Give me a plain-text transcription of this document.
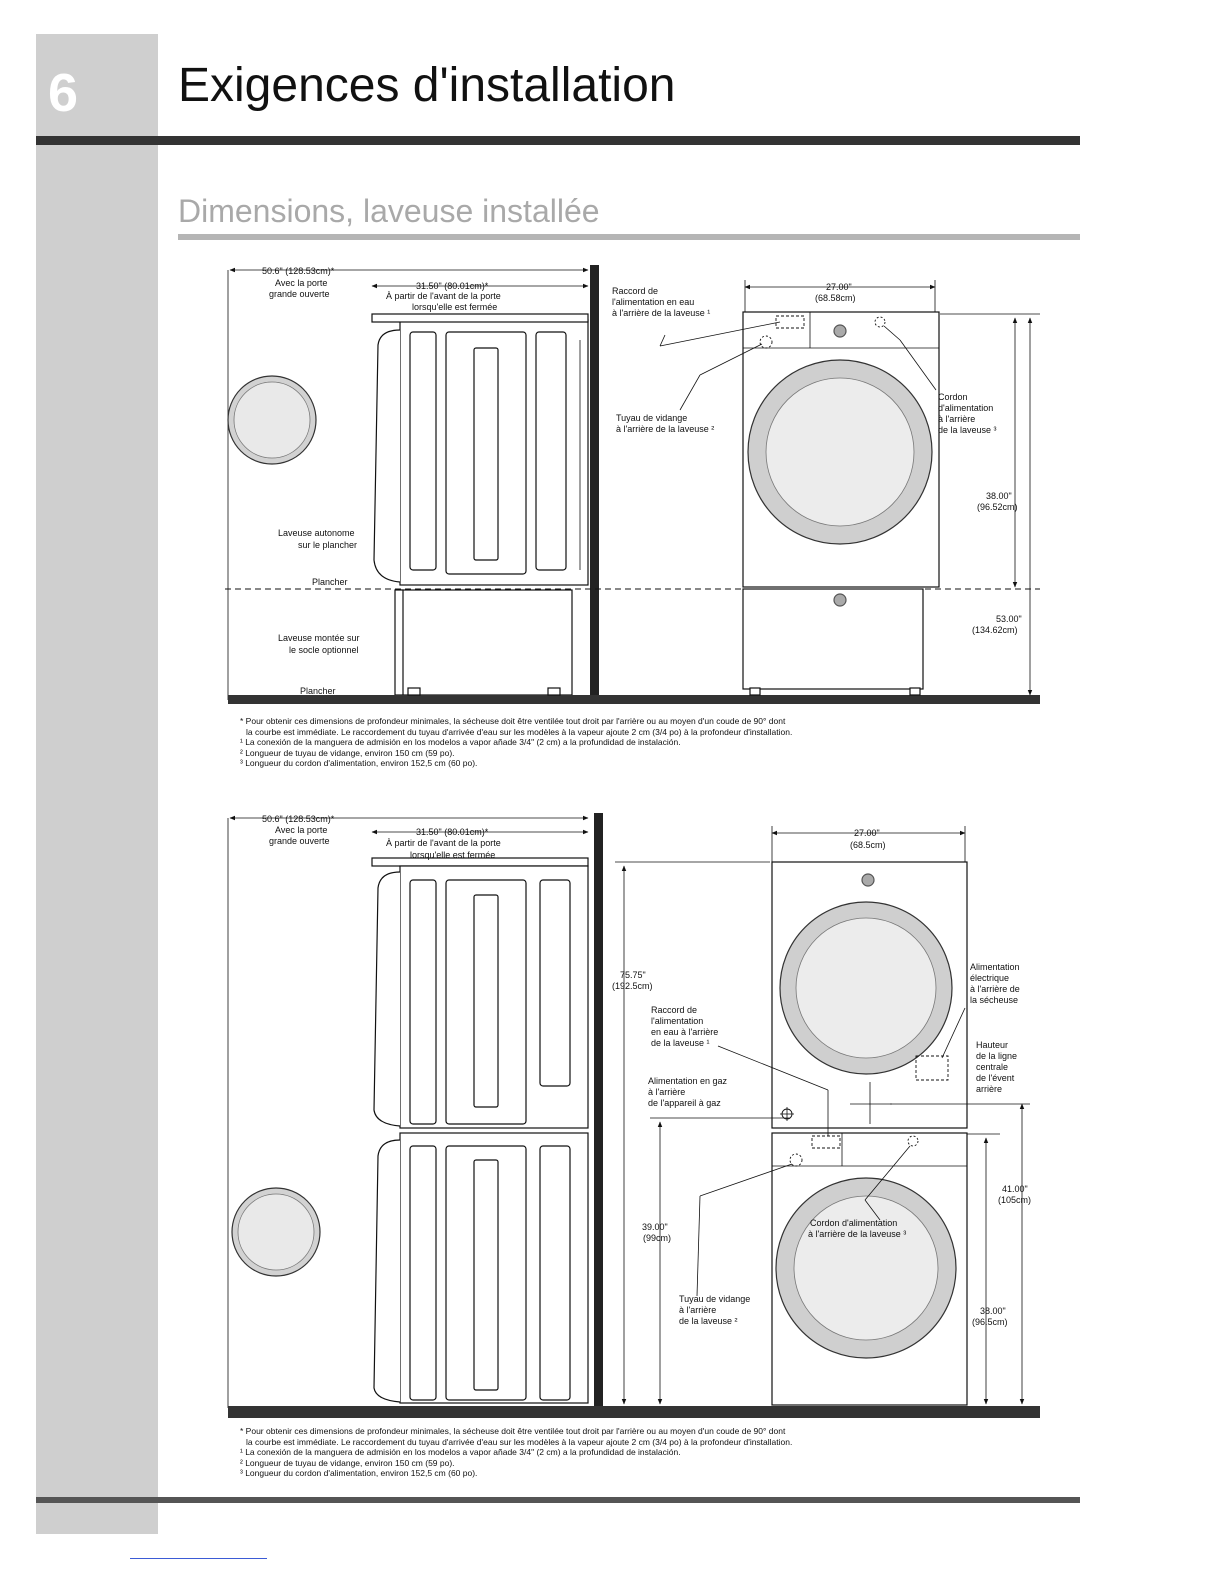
6 Exigences d'installation
Dimensions, laveuse installée
50.6" (128.53cm)*
Avec la porte
grande ouverte
31.50" (80.01cm)*
À partir de l'avant de la porte
lorsqu'elle est fermée
Laveuse autonome
sur le plancher
Plancher
Laveuse montée sur
le socle optionnel
Plancher
Raccord de
l'alimentation en eau
à l'arrière de la laveuse ¹
Tuyau de vidange
à l'arrière de la laveuse ²
27.00"
(68.58cm)
Cordon
d'alimentation
à l'arrière
de la laveuse ³
38.00"
(96.52cm)
53.00"
(134.62cm)
50.6" (128.53cm)*
Avec la porte
grande ouverte
31.50" (80.01cm)*
À partir de l'avant de la porte
lorsqu'elle est fermée
27.00"
(68.5cm)
75.75"
(192.5cm)
Alimentation
électrique
à l'arrière de
la sécheuse
Raccord de
l'alimentation
en eau à l'arrière
de la laveuse ¹	Hauteur
de la ligne
centrale
de l'évent
arrière
Alimentation en gaz
à l'arrière
de l'appareil à gaz
41.00"
(105cm)
39.00"
(99cm)
Cordon d'alimentation
à l'arrière de la laveuse ³
Tuyau de vidange
à l'arrière
de la laveuse ²
38.00"
(96.5cm)

* Pour obtenir ces dimensions de profondeur minimales, la sécheuse doit être ventilée tout droit par l'arrière ou au moyen d'un coude de 90° dont

la courbe est immédiate. Le raccordement du tuyau d'arrivée d'eau sur les modèles à la vapeur ajoute 2 cm (3/4 po) à la profondeur d'installation.

¹ La conexión de la manguera de admisión en los modelos a vapor añade 3/4" (2 cm) a la profundidad de instalación.

² Longueur de tuyau de vidange, environ 150 cm (59 po).

³ Longueur du cordon d'alimentation, environ 152,5 cm (60 po).

* Pour obtenir ces dimensions de profondeur minimales, la sécheuse doit être ventilée tout droit par l'arrière ou au moyen d'un coude de 90° dont

la courbe est immédiate. Le raccordement du tuyau d'arrivée d'eau sur les modèles à la vapeur ajoute 2 cm (3/4 po) à la profondeur d'installation.

¹ La conexión de la manguera de admisión en los modelos a vapor añade 3/4" (2 cm) a la profundidad de instalación.

² Longueur de tuyau de vidange, environ 150 cm (59 po).

³ Longueur du cordon d'alimentation, environ 152,5 cm (60 po).
